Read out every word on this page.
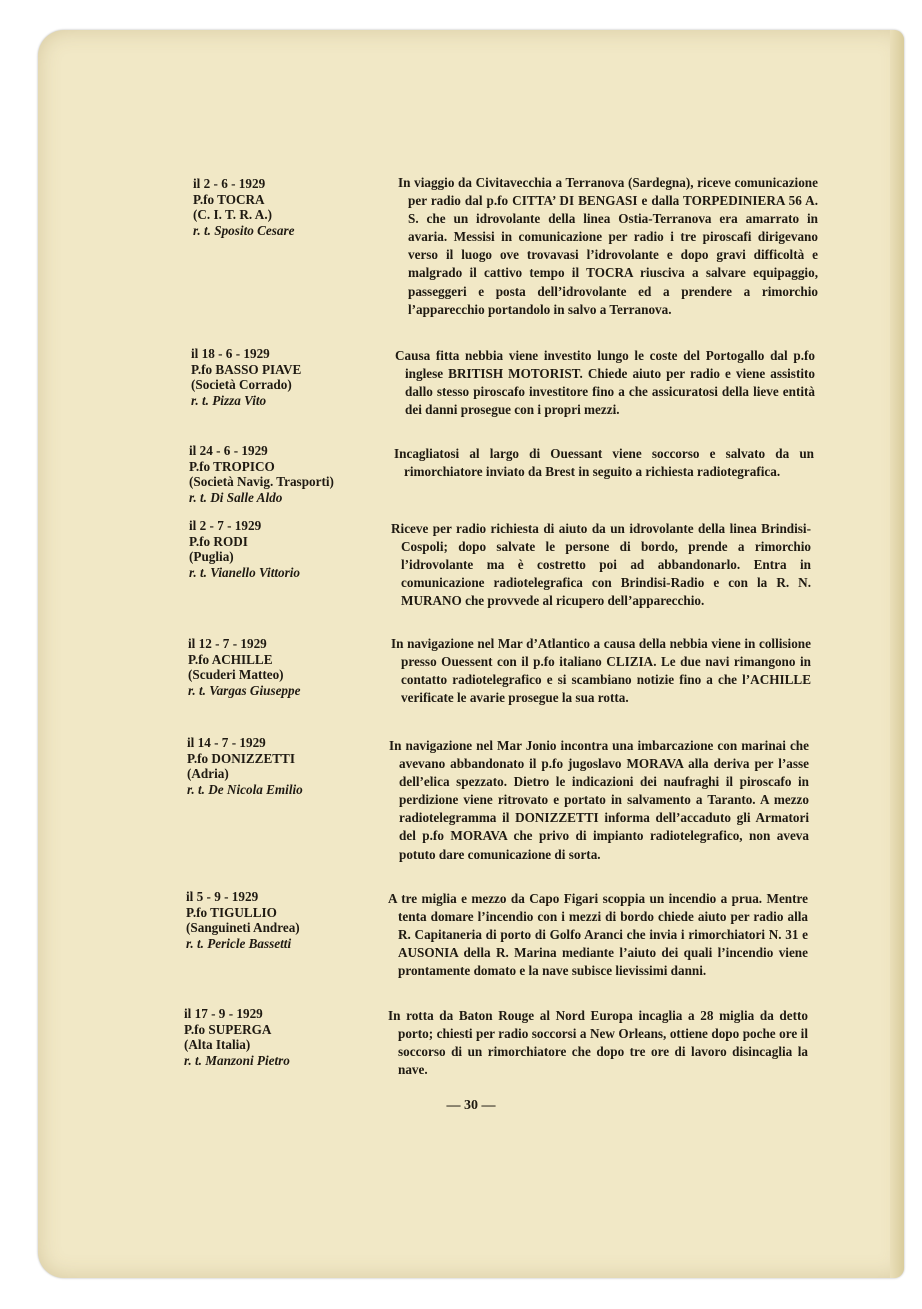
il 2 - 6 - 1929
P.fo TOCRA
(C. I. T. R. A.)
r. t. Sposito Cesare
In viaggio da Civitavecchia a Terranova (Sardegna), riceve comunicazione per radio dal p.fo CITTA’ DI BENGASI e dalla TORPEDINIERA 56 A. S. che un idrovolante della linea Ostia-Terranova era amarrato in avaria. Messisi in comunicazione per radio i tre piroscafi dirigevano verso il luogo ove trovavasi l’idrovolante e dopo gravi difficoltà e malgrado il cattivo tempo il TOCRA riusciva a salvare equipaggio, passeggeri e posta dell’idrovolante ed a prendere a rimorchio l’apparecchio portandolo in salvo a Terranova.
il 18 - 6 - 1929
P.fo BASSO PIAVE
(Società Corrado)
r. t. Pizza Vito
Causa fitta nebbia viene investito lungo le coste del Portogallo dal p.fo inglese BRITISH MOTORIST. Chiede aiuto per radio e viene assistito dallo stesso piroscafo investitore fino a che assicuratosi della lieve entità dei danni prosegue con i propri mezzi.
il 24 - 6 - 1929
P.fo TROPICO
(Società Navig. Trasporti)
r. t. Di Salle Aldo
Incagliatosi al largo di Ouessant viene soccorso e salvato da un rimorchiatore inviato da Brest in seguito a richiesta radiotegrafica.
il 2 - 7 - 1929
P.fo RODI
(Puglia)
r. t. Vianello Vittorio
Riceve per radio richiesta di aiuto da un idrovolante della linea Brindisi-Cospoli; dopo salvate le persone di bordo, prende a rimorchio l’idrovolante ma è costretto poi ad abbandonarlo. Entra in comunicazione radiotelegrafica con Brindisi-Radio e con la R. N. MURANO che provvede al ricupero dell’apparecchio.
il 12 - 7 - 1929
P.fo ACHILLE
(Scuderi Matteo)
r. t. Vargas Giuseppe
In navigazione nel Mar d’Atlantico a causa della nebbia viene in collisione presso Ouessent con il p.fo italiano CLIZIA. Le due navi rimangono in contatto radiotelegrafico e si scambiano notizie fino a che l’ACHILLE verificate le avarie prosegue la sua rotta.
il 14 - 7 - 1929
P.fo DONIZZETTI
(Adria)
r. t. De Nicola Emilio
In navigazione nel Mar Jonio incontra una imbarcazione con marinai che avevano abbandonato il p.fo jugoslavo MORAVA alla deriva per l’asse dell’elica spezzato. Dietro le indicazioni dei naufraghi il piroscafo in perdizione viene ritrovato e portato in salvamento a Taranto. A mezzo radiotelegramma il DONIZZETTI informa dell’accaduto gli Armatori del p.fo MORAVA che privo di impianto radiotelegrafico, non aveva potuto dare comunicazione di sorta.
il 5 - 9 - 1929
P.fo TIGULLIO
(Sanguineti Andrea)
r. t. Pericle Bassetti
A tre miglia e mezzo da Capo Figari scoppia un incendio a prua. Mentre tenta domare l’incendio con i mezzi di bordo chiede aiuto per radio alla R. Capitaneria di porto di Golfo Aranci che invia i rimorchiatori N. 31 e AUSONIA della R. Marina mediante l’aiuto dei quali l’incendio viene prontamente domato e la nave subisce lievissimi danni.
il 17 - 9 - 1929
P.fo SUPERGA
(Alta Italia)
r. t. Manzoni Pietro
In rotta da Baton Rouge al Nord Europa incaglia a 28 miglia da detto porto; chiesti per radio soccorsi a New Orleans, ottiene dopo poche ore il soccorso di un rimorchiatore che dopo tre ore di lavoro disincaglia la nave.
— 30 —
